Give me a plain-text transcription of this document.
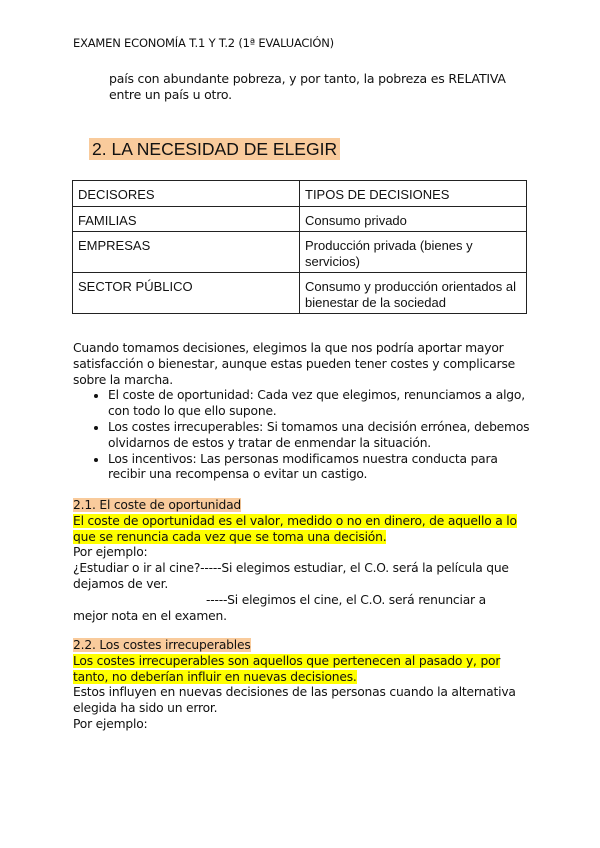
EXAMEN ECONOMÍA T.1 Y T.2 (1ª EVALUACIÓN)
país con abundante pobreza, y por tanto, la pobreza es RELATIVA entre un país u otro.
2. LA NECESIDAD DE ELEGIR
DECISORES	TIPOS DE DECISIONES
FAMILIAS	Consumo privado
EMPRESAS	Producción privada (bienes y servicios)
SECTOR PÚBLICO	Consumo y producción orientados al bienestar de la sociedad

Cuando tomamos decisiones, elegimos la que nos podría aportar mayor satisfacción o bienestar, aunque estas pueden tener costes y complicarse sobre la marcha.

• El coste de oportunidad: Cada vez que elegimos, renunciamos a algo, con todo lo que ello supone.
• Los costes irrecuperables: Si tomamos una decisión errónea, debemos olvidarnos de estos y tratar de enmendar la situación.
• Los incentivos: Las personas modificamos nuestra conducta para recibir una recompensa o evitar un castigo.

2.1. El coste de oportunidad

El coste de oportunidad es el valor, medido o no en dinero, de aquello a lo que se renuncia cada vez que se toma una decisión.

Por ejemplo:

¿Estudiar o ir al cine?-----Si elegimos estudiar, el C.O. será la película que dejamos de ver.

-----Si elegimos el cine, el C.O. será renunciar a

mejor nota en el examen.

2.2. Los costes irrecuperables

Los costes irrecuperables son aquellos que pertenecen al pasado y, por tanto, no deberían influir en nuevas decisiones.

Estos influyen en nuevas decisiones de las personas cuando la alternativa elegida ha sido un error.

Por ejemplo:
